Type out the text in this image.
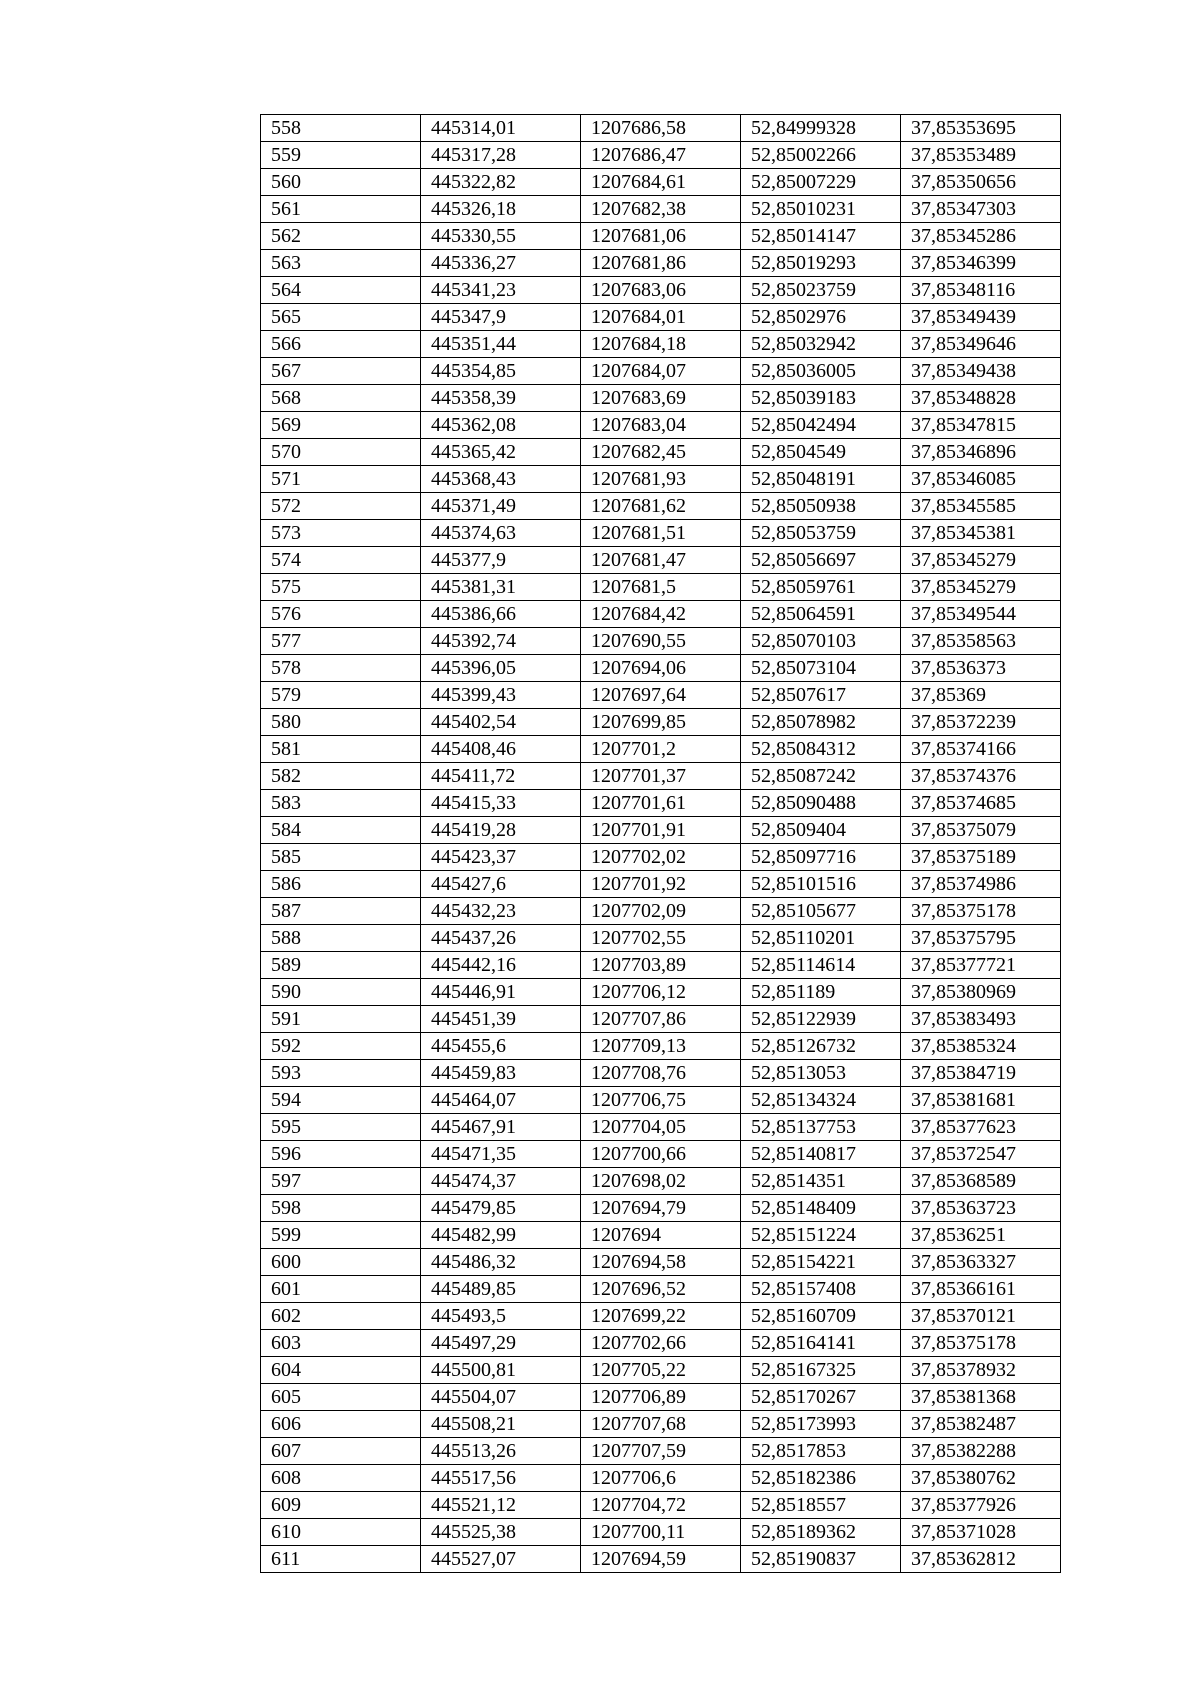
558	445314,01	1207686,58	52,84999328	37,85353695
559	445317,28	1207686,47	52,85002266	37,85353489
560	445322,82	1207684,61	52,85007229	37,85350656
561	445326,18	1207682,38	52,85010231	37,85347303
562	445330,55	1207681,06	52,85014147	37,85345286
563	445336,27	1207681,86	52,85019293	37,85346399
564	445341,23	1207683,06	52,85023759	37,85348116
565	445347,9	1207684,01	52,8502976	37,85349439
566	445351,44	1207684,18	52,85032942	37,85349646
567	445354,85	1207684,07	52,85036005	37,85349438
568	445358,39	1207683,69	52,85039183	37,85348828
569	445362,08	1207683,04	52,85042494	37,85347815
570	445365,42	1207682,45	52,8504549	37,85346896
571	445368,43	1207681,93	52,85048191	37,85346085
572	445371,49	1207681,62	52,85050938	37,85345585
573	445374,63	1207681,51	52,85053759	37,85345381
574	445377,9	1207681,47	52,85056697	37,85345279
575	445381,31	1207681,5	52,85059761	37,85345279
576	445386,66	1207684,42	52,85064591	37,85349544
577	445392,74	1207690,55	52,85070103	37,85358563
578	445396,05	1207694,06	52,85073104	37,8536373
579	445399,43	1207697,64	52,8507617	37,85369
580	445402,54	1207699,85	52,85078982	37,85372239
581	445408,46	1207701,2	52,85084312	37,85374166
582	445411,72	1207701,37	52,85087242	37,85374376
583	445415,33	1207701,61	52,85090488	37,85374685
584	445419,28	1207701,91	52,8509404	37,85375079
585	445423,37	1207702,02	52,85097716	37,85375189
586	445427,6	1207701,92	52,85101516	37,85374986
587	445432,23	1207702,09	52,85105677	37,85375178
588	445437,26	1207702,55	52,85110201	37,85375795
589	445442,16	1207703,89	52,85114614	37,85377721
590	445446,91	1207706,12	52,851189	37,85380969
591	445451,39	1207707,86	52,85122939	37,85383493
592	445455,6	1207709,13	52,85126732	37,85385324
593	445459,83	1207708,76	52,8513053	37,85384719
594	445464,07	1207706,75	52,85134324	37,85381681
595	445467,91	1207704,05	52,85137753	37,85377623
596	445471,35	1207700,66	52,85140817	37,85372547
597	445474,37	1207698,02	52,8514351	37,85368589
598	445479,85	1207694,79	52,85148409	37,85363723
599	445482,99	1207694	52,85151224	37,8536251
600	445486,32	1207694,58	52,85154221	37,85363327
601	445489,85	1207696,52	52,85157408	37,85366161
602	445493,5	1207699,22	52,85160709	37,85370121
603	445497,29	1207702,66	52,85164141	37,85375178
604	445500,81	1207705,22	52,85167325	37,85378932
605	445504,07	1207706,89	52,85170267	37,85381368
606	445508,21	1207707,68	52,85173993	37,85382487
607	445513,26	1207707,59	52,8517853	37,85382288
608	445517,56	1207706,6	52,85182386	37,85380762
609	445521,12	1207704,72	52,8518557	37,85377926
610	445525,38	1207700,11	52,85189362	37,85371028
611	445527,07	1207694,59	52,85190837	37,85362812
